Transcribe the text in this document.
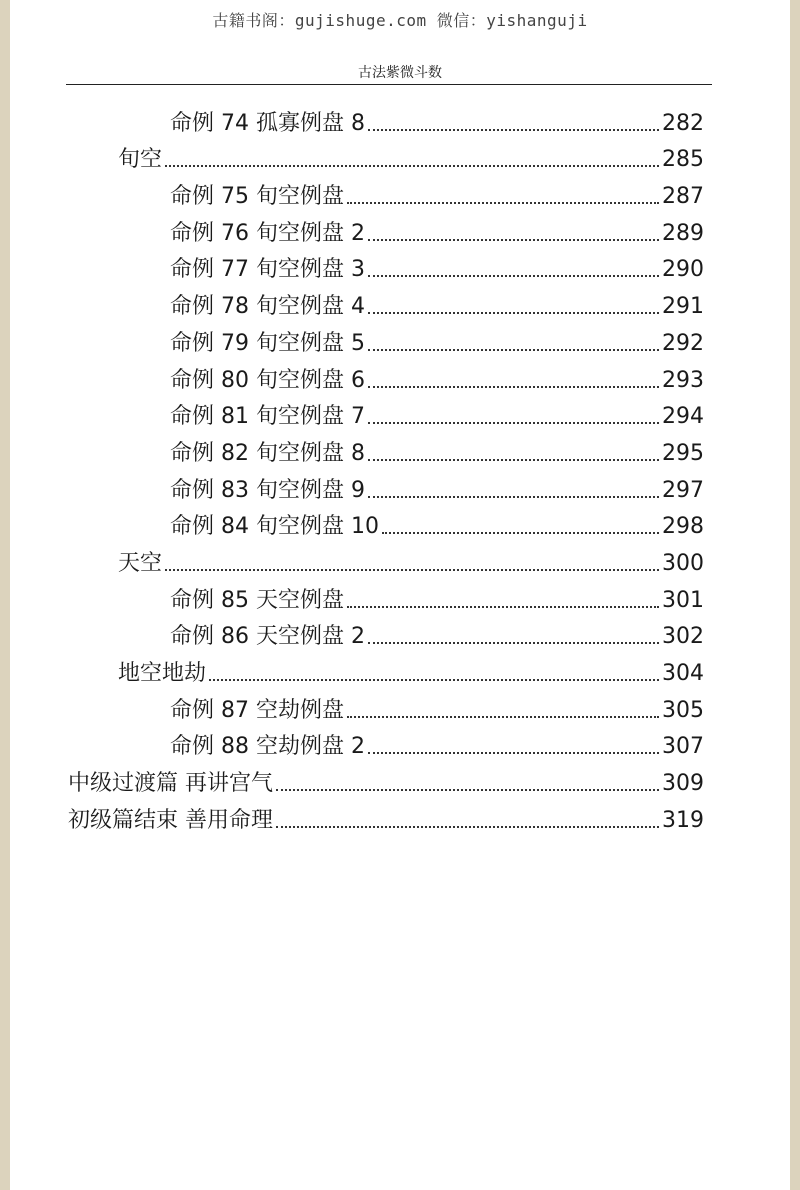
古籍书阁：gujishuge.com 微信：yishanguji
古法紫微斗数
命例 74 孤寡例盘 8	282
旬空	285
命例 75 旬空例盘	287
命例 76 旬空例盘 2	289
命例 77 旬空例盘 3	290
命例 78 旬空例盘 4	291
命例 79 旬空例盘 5	292
命例 80 旬空例盘 6	293
命例 81 旬空例盘 7	294
命例 82 旬空例盘 8	295
命例 83 旬空例盘 9	297
命例 84 旬空例盘 10	298
天空	300
命例 85 天空例盘	301
命例 86 天空例盘 2	302
地空地劫	304
命例 87 空劫例盘	305
命例 88 空劫例盘 2	307
中级过渡篇 再讲宫气	309
初级篇结束 善用命理	319
